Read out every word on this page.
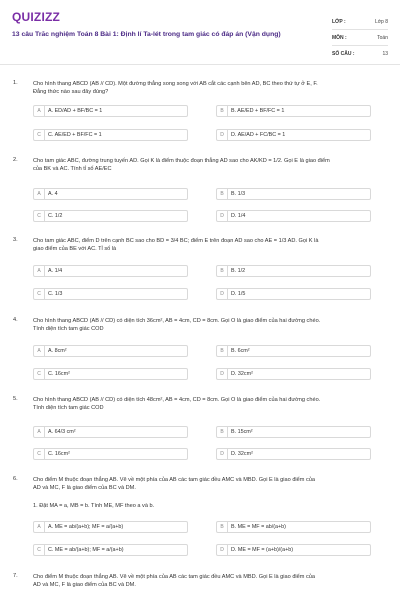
QUIZIZZ
13 câu Trắc nghiệm Toán 8 Bài 1: Định lí Ta-lét trong tam giác có đáp án (Vận dụng)
LỚP :	Lớp 8
MÔN :	Toán
SỐ CÂU :	13
1.	Cho hình thang ABCD (AB // CD). Một đường thẳng song song với AB cắt các cạnh bên AD, BC theo thứ tự ở E, F.

Đẳng thức nào sau đây đúng?

A	A. ED/AD + BF/BC = 1	B	B. AE/ED + BF/FC = 1
C	C. AE/ED + BF/FC = 1	D	D. AE/AD + FC/BC = 1
2.	Cho tam giác ABC, đường trung tuyến AD. Gọi K là điểm thuộc đoạn thẳng AD sao cho AK/KD = 1/2. Gọi E là giao điểm

của BK và AC. Tính tỉ số AE/EC

A	A. 4	B	B. 1/3
C	C. 1/2	D	D. 1/4
3.	Cho tam giác ABC, điểm D trên cạnh BC sao cho BD = 3/4 BC; điểm E trên đoạn AD sao cho AE = 1/3 AD. Gọi K là

giao điểm của BE với AC. Tỉ số là

A	A. 1/4	B	B. 1/2
C	C. 1/3	D	D. 1/5
4.	Cho hình thang ABCD (AB // CD) có diện tích 36cm², AB = 4cm, CD = 8cm. Gọi O là giao điểm của hai đường chéo.

Tính diện tích tam giác COD

A	A. 8cm²	B	B. 6cm²
C	C. 16cm²	D	D. 32cm²
5.	Cho hình thang ABCD (AB // CD) có diện tích 48cm², AB = 4cm, CD = 8cm. Gọi O là giao điểm của hai đường chéo.

Tính diện tích tam giác COD

A	A. 64/3 cm²	B	B. 15cm²
C	C. 16cm²	D	D. 32cm²
6.	Cho điểm M thuộc đoạn thẳng AB. Vẽ về một phía của AB các tam giác đều AMC và MBD. Gọi E là giao điểm của

AD và MC, F là giao điểm của BC và DM.

1. Đặt MA = a, MB = b. Tính ME, MF theo a và b.
A	A. ME = ab/(a+b); MF = a/(a+b)	B	B. ME = MF = ab/(a+b)
C	C. ME = ab/(a+b); MF = a/(a+b)	D	D. ME = MF = (a+b)/(a+b)
7.	Cho điểm M thuộc đoạn thẳng AB. Vẽ về một phía của AB các tam giác đều AMC và MBD. Gọi E là giao điểm của

AD và MC, F là giao điểm của BC và DM.
